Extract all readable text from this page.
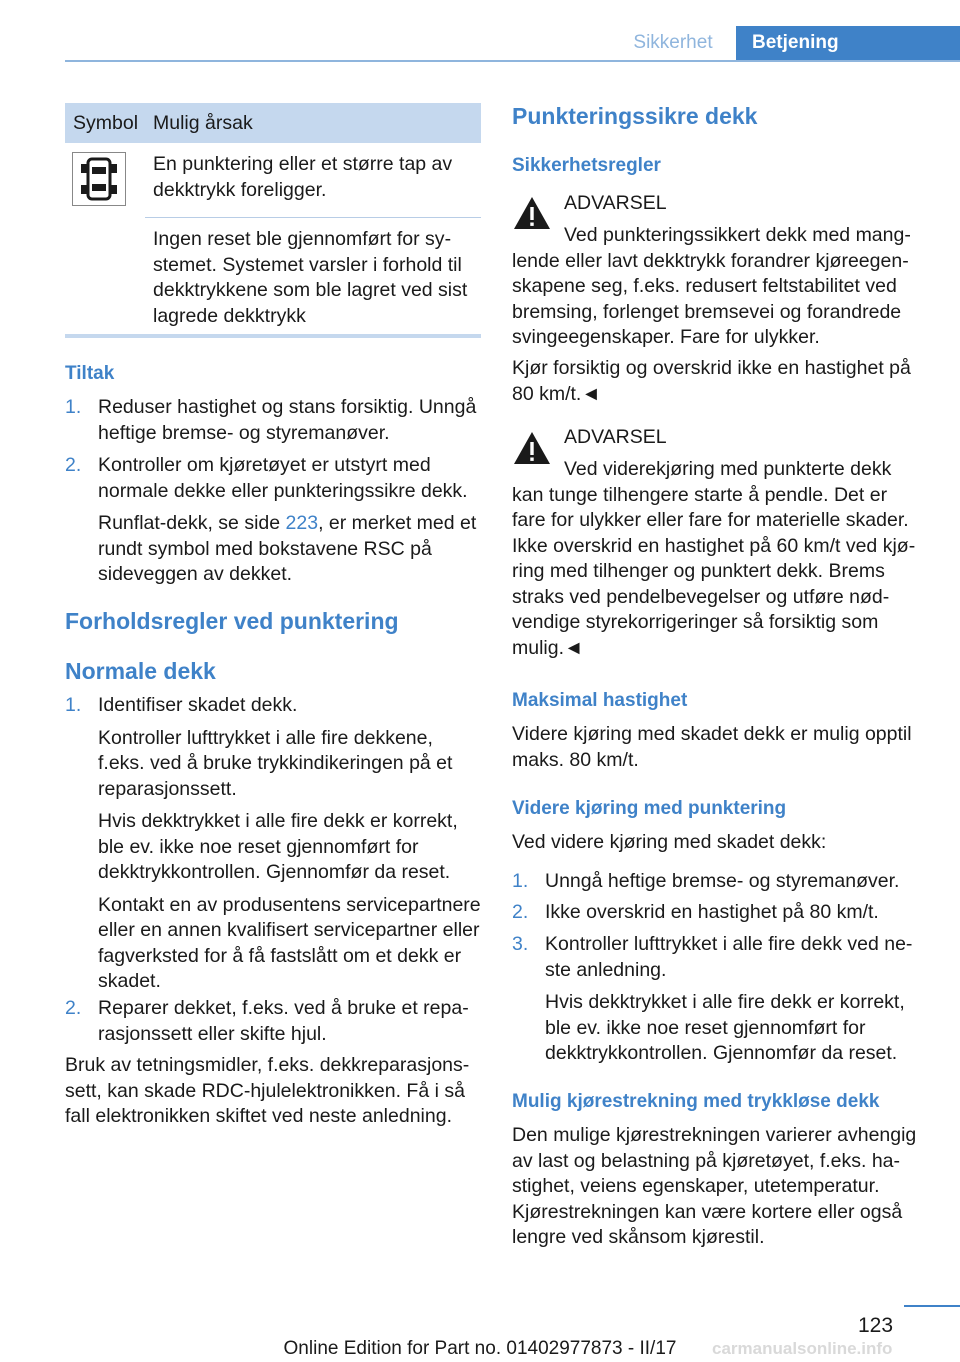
Sikkerhet	Betjening
Symbol Mulig årsak

En punktering eller et større tap av dekktrykk foreligger.

Ingen reset ble gjennomført for systemet. Systemet varsler i forhold til dekktrykkene som ble lagret ved sist lagrede dekktrykk

Tiltak
1. Reduser hastighet og stans forsiktig. Unngå heftige bremse- og styremanøver.

2. Kontroller om kjøretøyet er utstyrt med normale dekke eller punkteringssikre dekk.

Runflat-dekk, se side 223, er merket med et rundt symbol med bokstavene RSC på sideveggen av dekket.

Forholdsregler ved punktering
Normale dekk
1. Identifiser skadet dekk.

Kontroller lufttrykket i alle fire dekkene, f.eks. ved å bruke trykkindikeringen på et reparasjonssett.

Hvis dekktrykket i alle fire dekk er korrekt, ble ev. ikke noe reset gjennomført for dekktrykkontrollen. Gjennomfør da reset.

Kontakt en av produsentens servicepartnere eller en annen kvalifisert servicepartner eller fagverksted for å få fastslått om et dekk er skadet.

2. Reparer dekket, f.eks. ved å bruke et reparasjonssett eller skifte hjul.

Bruk av tetningsmidler, f.eks. dekkreparasjonssett, kan skade RDC-hjulelektronikken. Få i så fall elektronikken skiftet ved neste anledning.

Punkteringssikre dekk
Sikkerhetsregler

ADVARSEL

Ved punkteringssikkert dekk med manglende eller lavt dekktrykk forandrer kjøreegenskapene seg, f.eks. redusert feltstabilitet ved bremsing, forlenget bremsevei og forandrede svingeegenskaper. Fare for ulykker.

Kjør forsiktig og overskrid ikke en hastighet på 80 km/t.◄

ADVARSEL

Ved viderekjøring med punkterte dekk kan tunge tilhengere starte å pendle. Det er fare for ulykker eller fare for materielle skader. Ikke overskrid en hastighet på 60 km/t ved kjøring med tilhenger og punktert dekk. Brems straks ved pendelbevegelser og utføre nødvendige styrekorrigeringer så forsiktig som mulig.◄

Maksimal hastighet

Videre kjøring med skadet dekk er mulig opptil maks. 80 km/t.

Videre kjøring med punktering

Ved videre kjøring med skadet dekk:

1. Unngå heftige bremse- og styremanøver.

2. Ikke overskrid en hastighet på 80 km/t.

3. Kontroller lufttrykket i alle fire dekk ved neste anledning.

Hvis dekktrykket i alle fire dekk er korrekt, ble ev. ikke noe reset gjennomført for dekktrykkontrollen. Gjennomfør da reset.

Mulig kjørestrekning med trykkløse dekk

Den mulige kjørestrekningen varierer avhengig av last og belastning på kjøretøyet, f.eks. hastighet, veiens egenskaper, utetemperatur. Kjørestrekningen kan være kortere eller også lengre ved skånsom kjørestil.

123
Online Edition for Part no. 01402977873 - II/17	carmanualsonline.info
